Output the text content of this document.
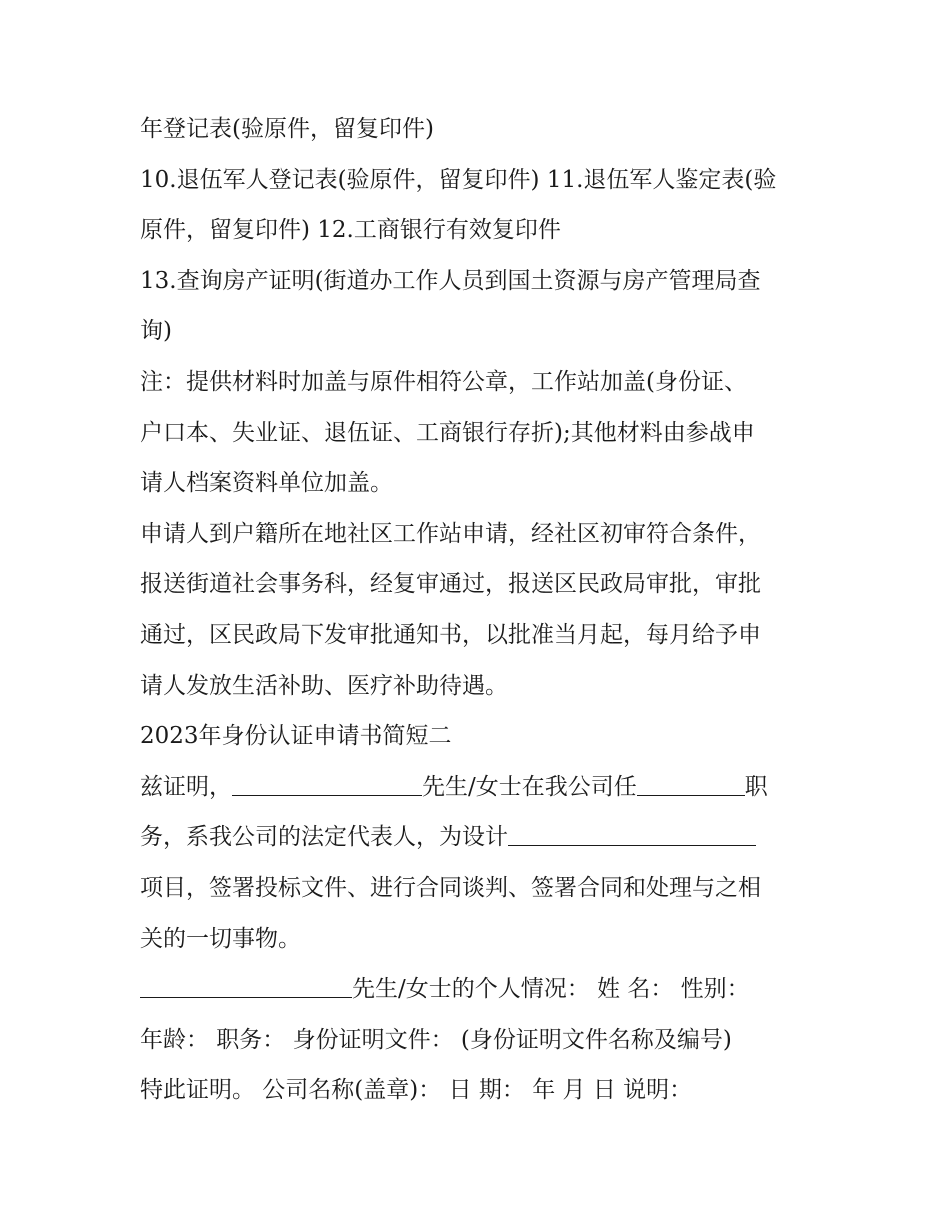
年登记表(验原件，留复印件)
10.退伍军人登记表(验原件，留复印件) 11.退伍军人鉴定表(验
原件，留复印件) 12.工商银行有效复印件
13.查询房产证明(街道办工作人员到国土资源与房产管理局查
询)
注：提供材料时加盖与原件相符公章，工作站加盖(身份证、
户口本、失业证、退伍证、工商银行存折);其他材料由参战申
请人档案资料单位加盖。
申请人到户籍所在地社区工作站申请，经社区初审符合条件，
报送街道社会事务科，经复审通过，报送区民政局审批，审批
通过，区民政局下发审批通知书，以批准当月起，每月给予申
请人发放生活补助、医疗补助待遇。
2023年身份认证申请书简短二
兹证明，	先生/女士在我公司任	职
务，系我公司的法定代表人，为设计
项目，签署投标文件、进行合同谈判、签署合同和处理与之相
关的一切事物。
先生/女士的个人情况： 姓 名： 性别：
年龄： 职务： 身份证明文件： (身份证明文件名称及编号)
特此证明。 公司名称(盖章)： 日 期： 年 月 日 说明：
